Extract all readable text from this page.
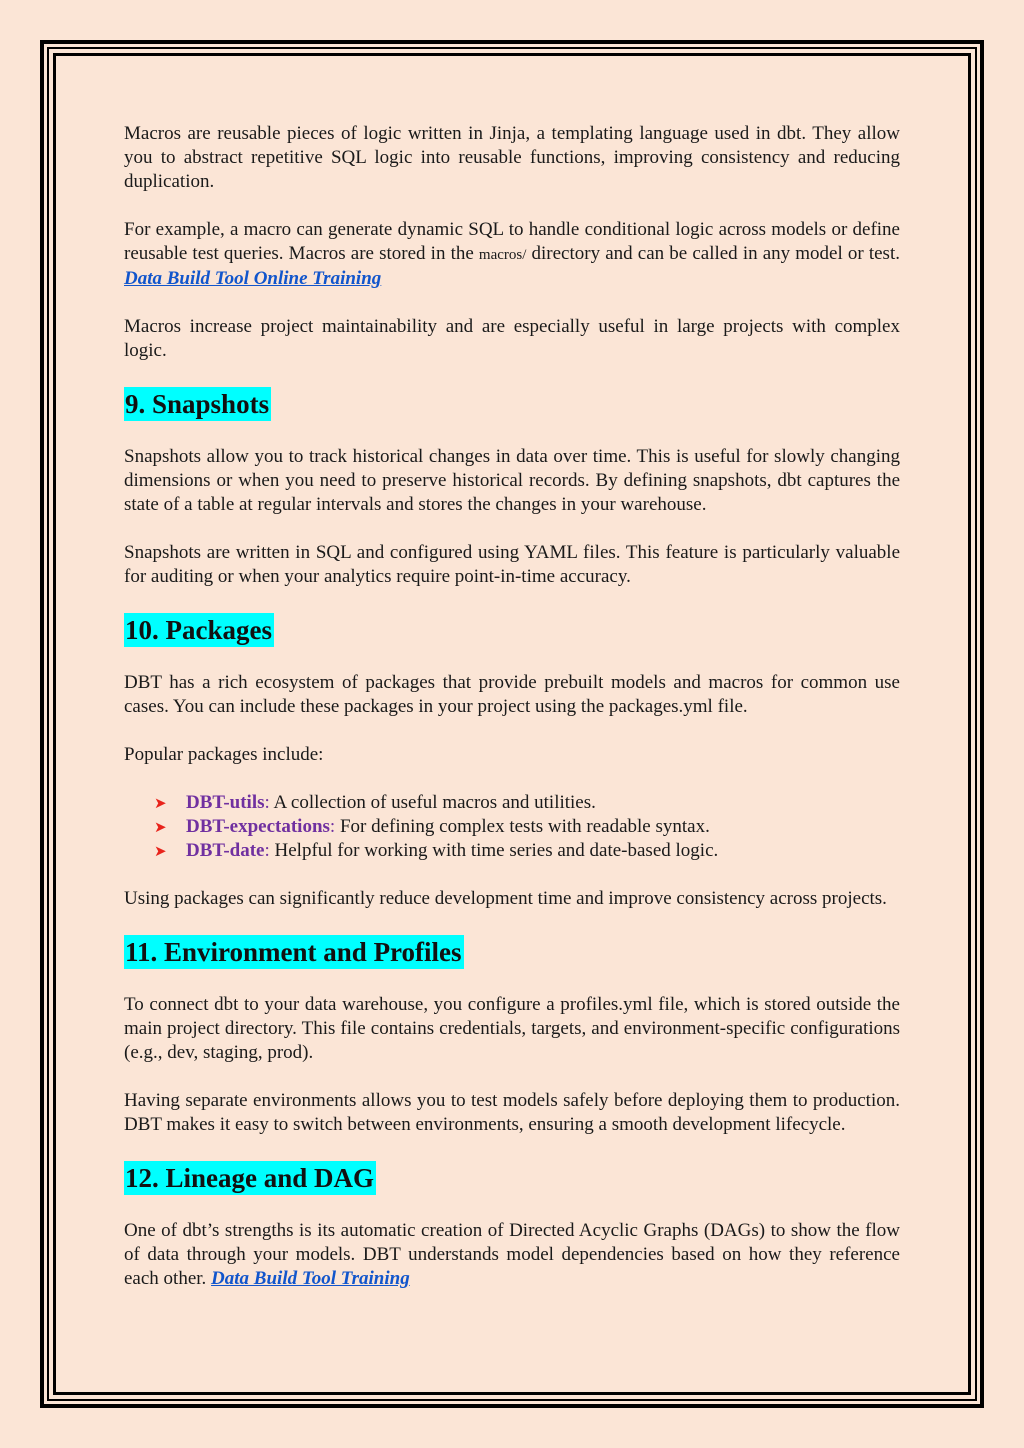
Macros are reusable pieces of logic written in Jinja, a templating language used in dbt. They allow you to abstract repetitive SQL logic into reusable functions, improving consistency and reducing duplication.

For example, a macro can generate dynamic SQL to handle conditional logic across models or define reusable test queries. Macros are stored in the macros/ directory and can be called in any model or test. Data Build Tool Online Training

Macros increase project maintainability and are especially useful in large projects with complex logic.

9. Snapshots

Snapshots allow you to track historical changes in data over time. This is useful for slowly changing dimensions or when you need to preserve historical records. By defining snapshots, dbt captures the state of a table at regular intervals and stores the changes in your warehouse.

Snapshots are written in SQL and configured using YAML files. This feature is particularly valuable for auditing or when your analytics require point-in-time accuracy.

10. Packages

DBT has a rich ecosystem of packages that provide prebuilt models and macros for common use cases. You can include these packages in your project using the packages.yml file.

Popular packages include:

➤ DBT-utils: A collection of useful macros and utilities.
➤ DBT-expectations: For defining complex tests with readable syntax.
➤ DBT-date: Helpful for working with time series and date-based logic.

Using packages can significantly reduce development time and improve consistency across projects.

11. Environment and Profiles

To connect dbt to your data warehouse, you configure a profiles.yml file, which is stored outside the main project directory. This file contains credentials, targets, and environment-specific configurations (e.g., dev, staging, prod).

Having separate environments allows you to test models safely before deploying them to production. DBT makes it easy to switch between environments, ensuring a smooth development lifecycle.

12. Lineage and DAG

One of dbt’s strengths is its automatic creation of Directed Acyclic Graphs (DAGs) to show the flow of data through your models. DBT understands model dependencies based on how they reference each other. Data Build Tool Training
